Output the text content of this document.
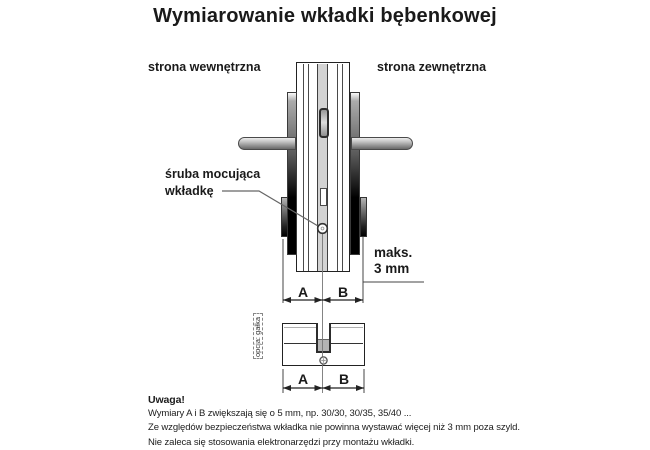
Wymiarowanie wkładki bębenkowej
strona wewnętrzna	strona zewnętrzna
śruba mocująca
wkładkę
maks.
3 mm
opcja: gałka
A	B
A	B
Uwaga!
Wymiary A i B zwiększają się o 5 mm, np. 30/30, 30/35, 35/40 ...
Ze względów bezpieczeństwa wkładka nie powinna wystawać więcej niż 3 mm poza szyld.
Nie zaleca się stosowania elektronarzędzi przy montażu wkładki.
